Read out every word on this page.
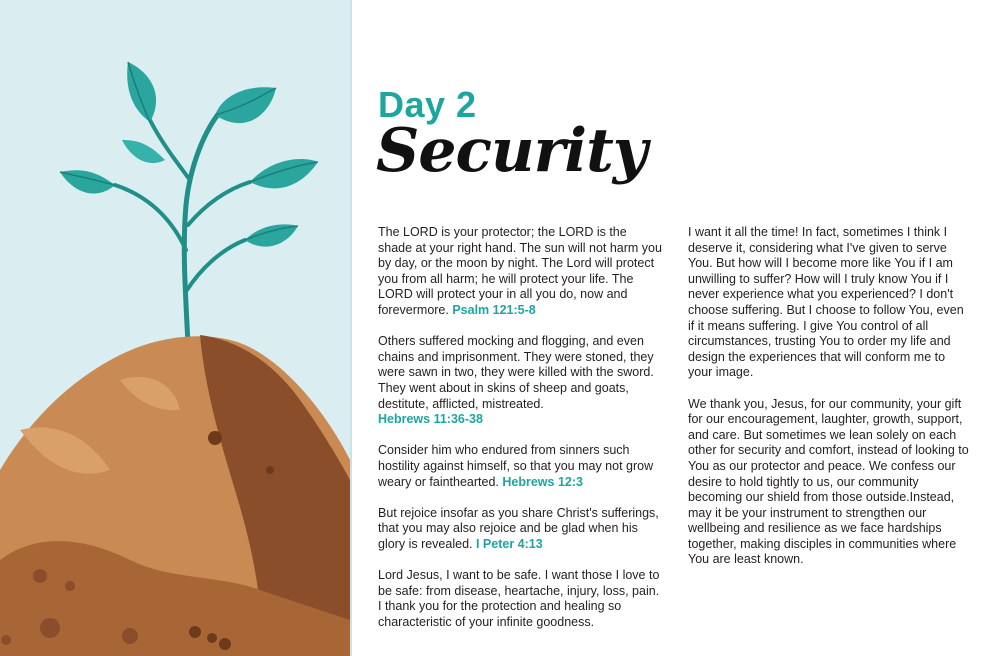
Day 2
Security

The LORD is your protector; the LORD is the shade at your right hand. The sun will not harm you by day, or the moon by night. The Lord will protect you from all harm; he will protect your life. The LORD will protect your in all you do, now and forevermore. Psalm 121:5-8

Others suffered mocking and flogging, and even chains and imprisonment. They were stoned, they were sawn in two, they were killed with the sword. They went about in skins of sheep and goats, destitute, afflicted, mistreated.
Hebrews 11:36-38

Consider him who endured from sinners such hostility against himself, so that you may not grow weary or fainthearted. Hebrews 12:3

But rejoice insofar as you share Christ's sufferings, that you may also rejoice and be glad when his glory is revealed. I Peter 4:13

Lord Jesus, I want to be safe. I want those I love to be safe: from disease, heartache, injury, loss, pain. I thank you for the protection and healing so characteristic of your infinite goodness.

I want it all the time! In fact, sometimes I think I deserve it, considering what I've given to serve You. But how will I become more like You if I am unwilling to suffer? How will I truly know You if I never experience what you experienced? I don't choose suffering. But I choose to follow You, even if it means suffering. I give You control of all circumstances, trusting You to order my life and design the experiences that will conform me to your image.

We thank you, Jesus, for our community, your gift for our encouragement, laughter, growth, support, and care. But sometimes we lean solely on each other for security and comfort, instead of looking to You as our protector and peace. We confess our desire to hold tightly to us, our community becoming our shield from those outside.Instead, may it be your instrument to strengthen our wellbeing and resilience as we face hardships together, making disciples in communities where You are least known.
